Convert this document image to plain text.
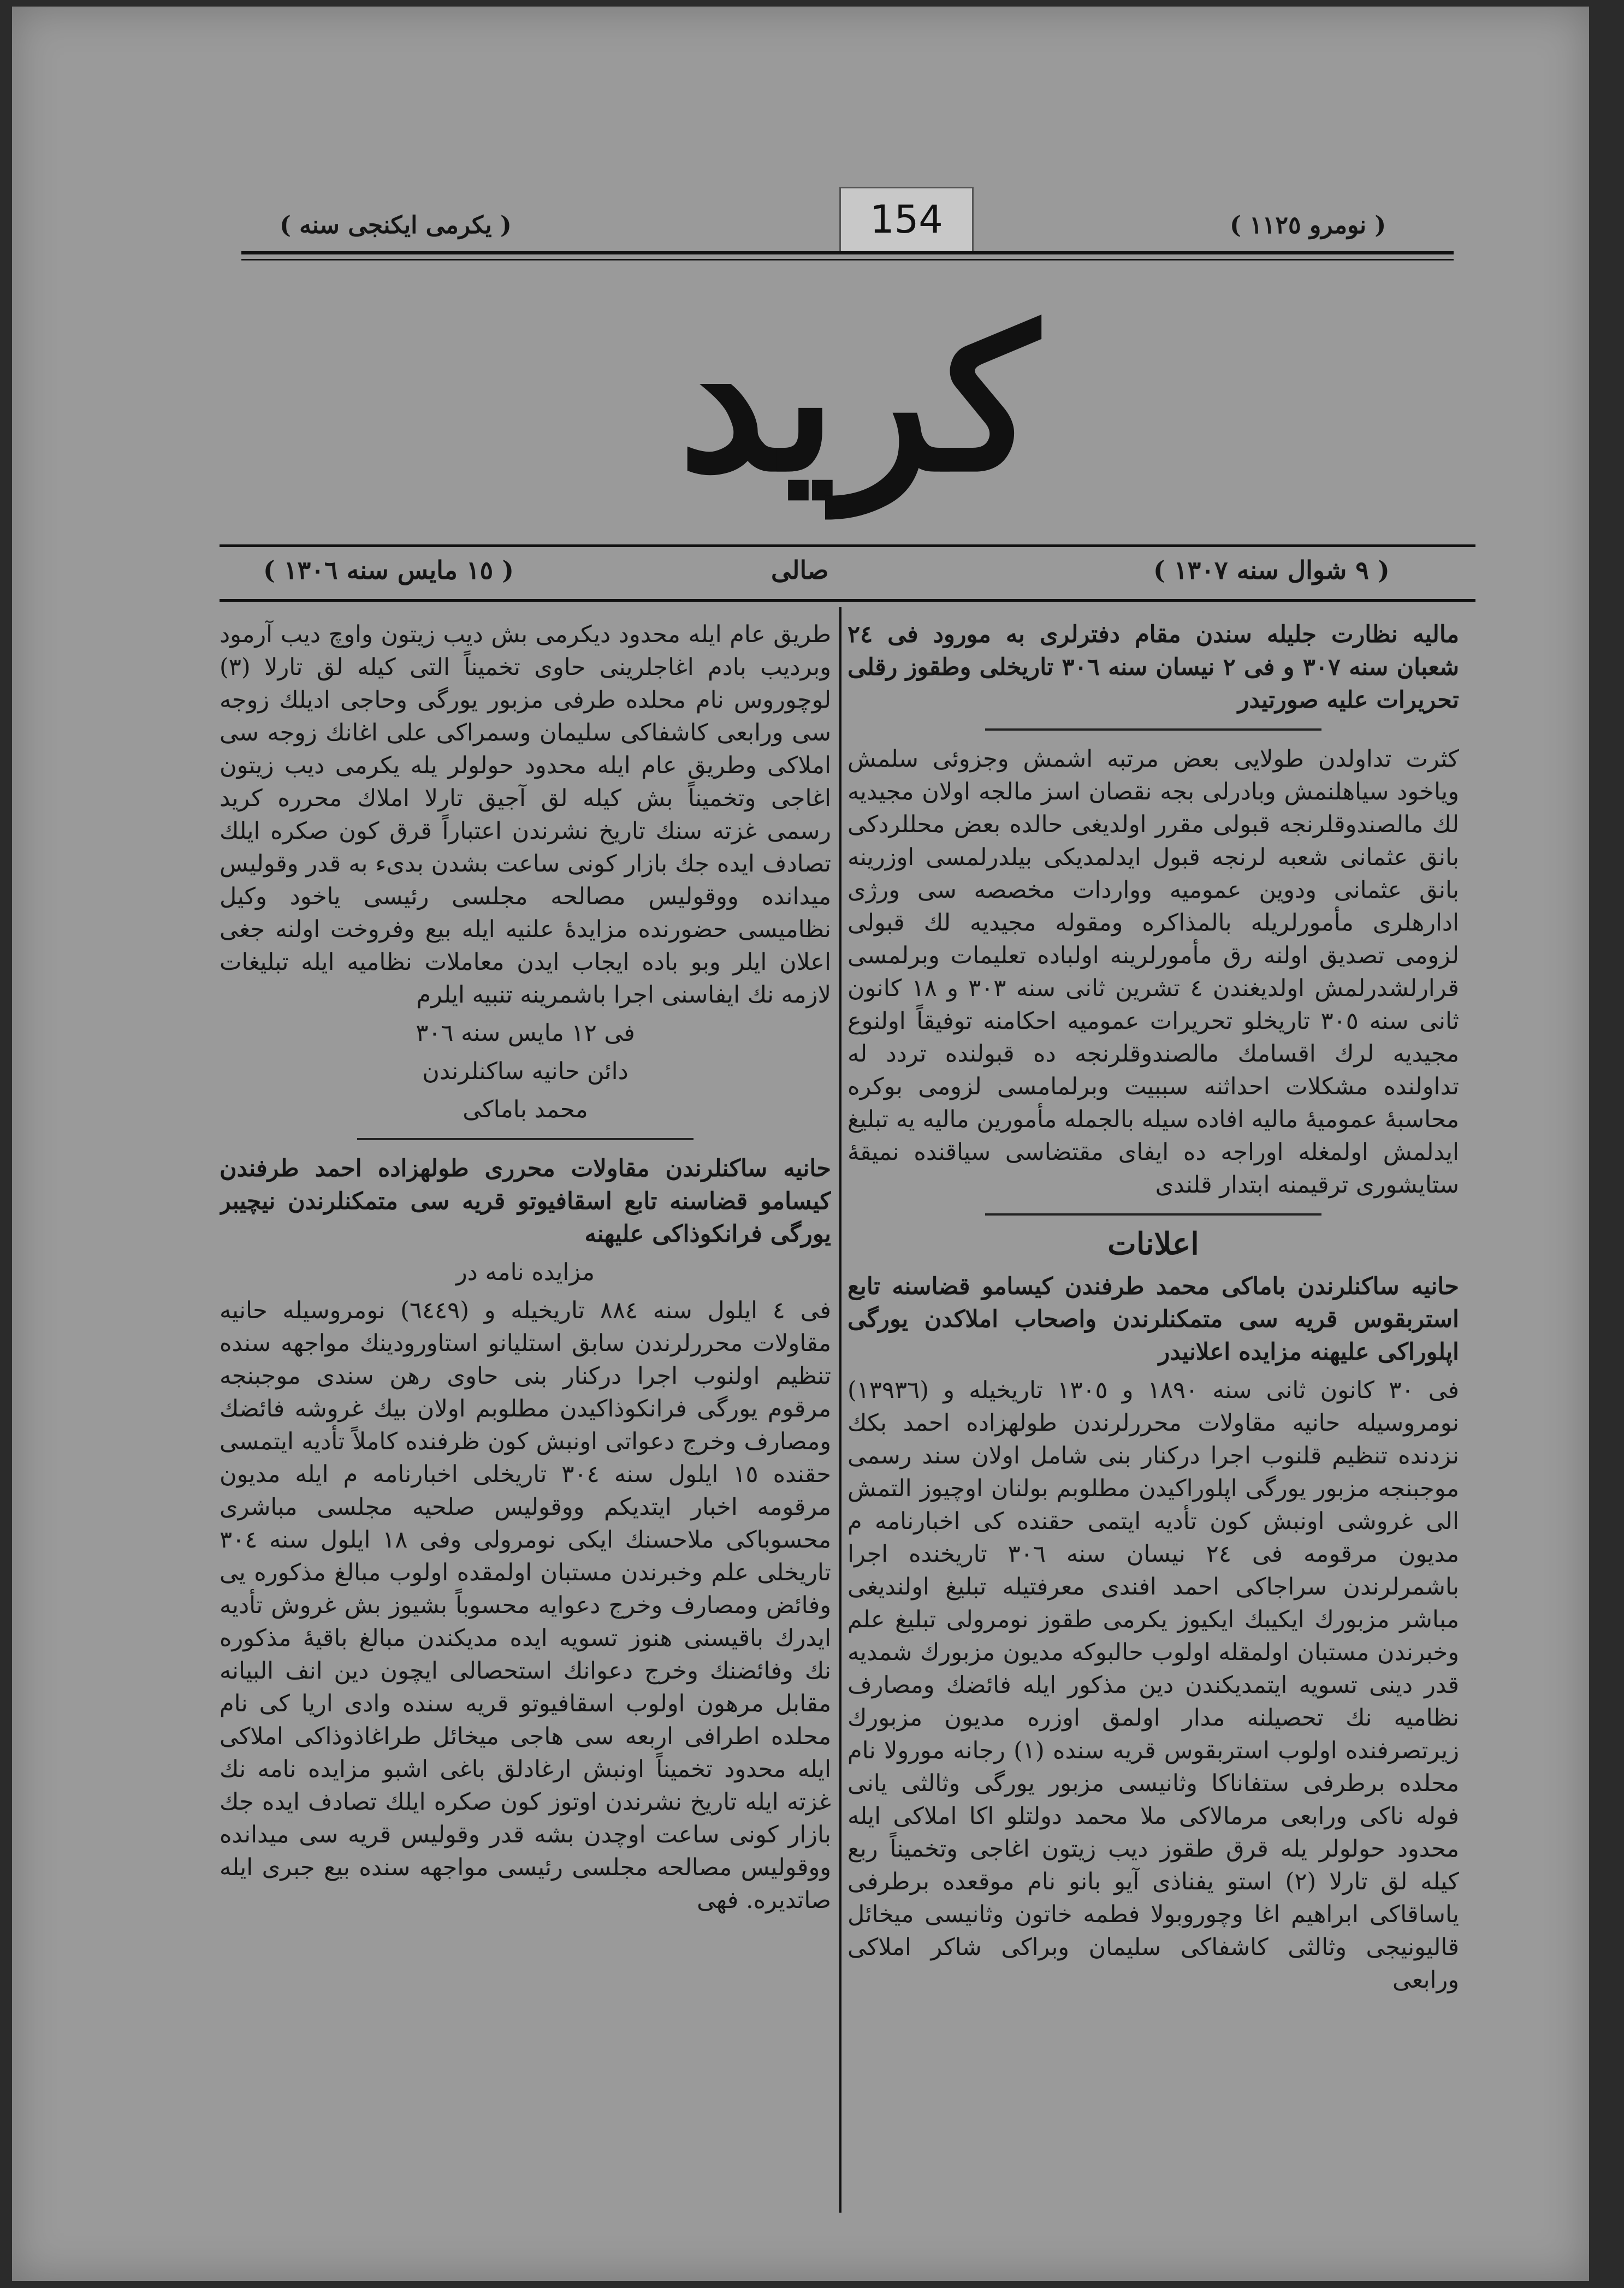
154	( نومرو ١١٢٥ )
( يكرمى ايكنجى سنه )
كريد
( ٩ شوال سنه ١٣٠٧ )
صالى
( ١٥ مايس سنه ١٣٠٦ )

ماليه نظارت جليله سندن مقام دفترلرى به مورود فى ٢٤ شعبان سنه ٣٠٧ و فى ٢ نيسان سنه ٣٠٦ تاريخلى وطقوز رقلى تحريرات عليه صورتيدر

كثرت تداولدن طولايى بعض مرتبه اشمش وجزوئى سلمش وياخود سياهلنمش وبادرلى بجه نقصان اسز مالجه اولان مجيديه لك مالصندوقلرنجه قبولى مقرر اولديغى حالده بعض محللردكى بانق عثمانى شعبه لرنجه قبول ايدلمديكى بيلدرلمسى اوزرينه بانق عثمانى ودوين عموميه وواردات مخصصه سى ورژى ادارهلرى مأمورلريله بالمذاكره ومقوله مجيديه لك قبولى لزومى تصديق اولنه رق مأمورلرينه اولباده تعليمات وبرلمسى قرارلشدرلمش اولديغندن ٤ تشرين ثانى سنه ٣٠٣ و ١٨ كانون ثانى سنه ٣٠٥ تاريخلو تحريرات عموميه احكامنه توفيقاً اولنوع مجيديه لرك اقسامك مالصندوقلرنجه ده قبولنده تردد له تداولنده مشكلات احداثنه سببيت وبرلمامسى لزومى بوكره محاسبهٔ عموميهٔ ماليه افاده سيله بالجمله مأمورين ماليه يه تبليغ ايدلمش اولمغله اوراجه ده ايفاى مقتضاسى سياقنده نميقهٔ ستايشورى ترقيمنه ابتدار قلندى

اعلانات

حانيه ساكنلرندن باماكى محمد طرفندن كيسامو قضاسنه تابع استربقوس قريه سى متمكنلرندن واصحاب املاكدن يورگى اپلوراكى عليهنه مزايده اعلانيدر

فى ٣٠ كانون ثانى سنه ١٨٩٠ و ١٣٠٥ تاريخيله و (١٣٩٣٦) نومروسيله حانيه مقاولات محررلرندن طولهزاده احمد بكك نزدنده تنظيم قلنوب اجرا دركنار بنى شامل اولان سند رسمى موجبنجه مزبور يورگى اپلوراكيدن مطلوبم بولنان اوچيوز التمش الى غروشى اونبش كون تأديه ايتمى حقنده كى اخبارنامه م مديون مرقومه فى ٢٤ نيسان سنه ٣٠٦ تاريخنده اجرا باشمرلرندن سراجاكى احمد افندى معرفتيله تبليغ اولنديغى مباشر مزبورك ايكيبك ايكيوز يكرمى طقوز نومرولى تبليغ علم وخبرندن مستبان اولمقله اولوب حالبوكه مديون مزبورك شمديه قدر دينى تسويه ايتمديكندن دين مذكور ايله فائضك ومصارف نظاميه نك تحصيلنه مدار اولمق اوزره مديون مزبورك زيرتصرفنده اولوب استربقوس قريه سنده (١) رجانه مورولا نام محلده برطرفى ستفاناكا وثانيسى مزبور يورگى وثالثى يانى فوله ناكى ورابعى مرمالاكى ملا محمد دولتلو اكا املاكى ايله محدود حولولر يله قرق طقوز ديب زيتون اغاجى وتخميناً ربع كيله لق تارلا (٢) استو يفناذى آيو بانو نام موقعده برطرفى ياساقاكى ابراهيم اغا وچوروبولا فطمه خاتون وثانيسى ميخائل قاليونيجى وثالثى كاشفاكى سليمان وبراكى شاكر املاكى ورابعى

طريق عام ايله محدود ديكرمى بش ديب زيتون واوچ ديب آرمود وبرديب بادم اغاجلرينى حاوى تخميناً التى كيله لق تارلا (٣) لوچوروس نام محلده طرفى مزبور يورگى وحاجى اديلك زوجه سى ورابعى كاشفاكى سليمان وسمراكى على اغانك زوجه سى املاكى وطريق عام ايله محدود حولولر يله يكرمى ديب زيتون اغاجى وتخميناً بش كيله لق آجيق تارلا املاك محرره كريد رسمى غزته سنك تاريخ نشرندن اعتباراً قرق كون صكره ايلك تصادف ايده جك بازار كونى ساعت بشدن بدىء به قدر وقوليس ميدانده ووقوليس مصالحه مجلسى رئيسى ياخود وكيل نظاميسى حضورنده مزايدهٔ علنيه ايله بيع وفروخت اولنه جغى اعلان ايلر وبو باده ايجاب ايدن معاملات نظاميه ايله تبليغات لازمه نك ايفاسنى اجرا باشمرينه تنبيه ايلرم

فى ١٢ مايس سنه ٣٠٦

دائن حانيه ساكنلرندن

محمد باماكى

حانيه ساكنلرندن مقاولات محررى طولهزاده احمد طرفندن كيسامو قضاسنه تابع اسقافيوتو قريه سى متمكنلرندن نيچيبر يورگى فرانكوذاكى عليهنه

مزايده نامه در

فى ٤ ايلول سنه ٨٨٤ تاريخيله و (٦٤٤٩) نومروسيله حانيه مقاولات محررلرندن سابق استليانو استاورودينك مواجهه سنده تنظيم اولنوب اجرا دركنار بنى حاوى رهن سندى موجبنجه مرقوم يورگى فرانكوذاكيدن مطلوبم اولان بيك غروشه فائضك ومصارف وخرج دعواتى اونبش كون ظرفنده كاملاً تأديه ايتمسى حقنده ١٥ ايلول سنه ٣٠٤ تاريخلى اخبارنامه م ايله مديون مرقومه اخبار ايتديكم ووقوليس صلحيه مجلسى مباشرى محسوباكى ملاحسنك ايكى نومرولى وفى ١٨ ايلول سنه ٣٠٤ تاريخلى علم وخبرندن مستبان اولمقده اولوب مبالغ مذكوره يى وفائض ومصارف وخرج دعوايه محسوباً بشيوز بش غروش تأديه ايدرك باقيسنى هنوز تسويه ايده مديكندن مبالغ باقيهٔ مذكوره نك وفائضنك وخرج دعوانك استحصالى ايچون دين انف البيانه مقابل مرهون اولوب اسقافيوتو قريه سنده وادى اريا كى نام محلده اطرافى اربعه سى هاجى ميخائل طراغاذوذاكى املاكى ايله محدود تخميناً اونبش ارغادلق باغى اشبو مزايده نامه نك غزته ايله تاريخ نشرندن اوتوز كون صكره ايلك تصادف ايده جك بازار كونى ساعت اوچدن بشه قدر وقوليس قريه سى ميدانده ووقوليس مصالحه مجلسى رئيسى مواجهه سنده بيع جبرى ايله صاتديره. فهى
